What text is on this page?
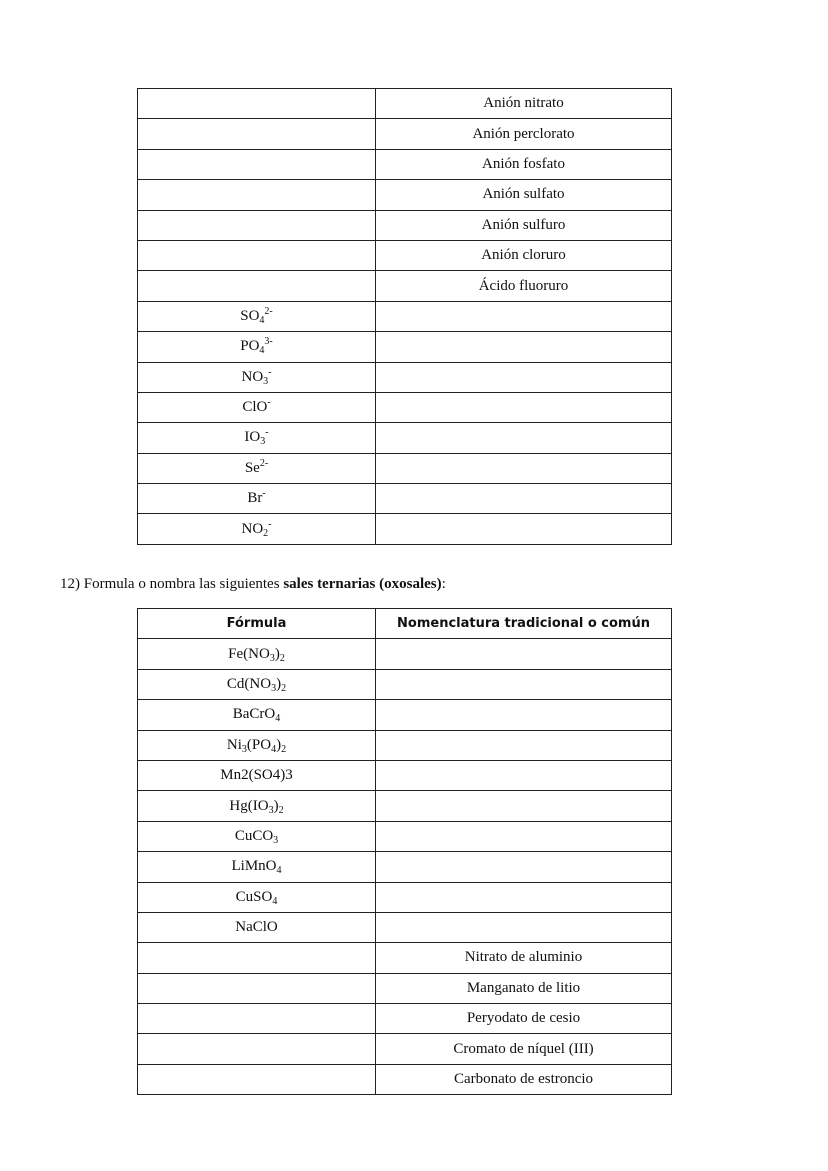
	Anión nitrato
	Anión perclorato
	Anión fosfato
	Anión sulfato
	Anión sulfuro
	Anión cloruro
	Ácido fluoruro
$SO_4^{2-}$	
$PO_4^{3-}$	
$NO_3^-$	
ClO-	
$IO_3^-$	
$Se^{2-}$	
Br-	
$NO_2^-$	
12) Formula o nombra las siguientes sales ternarias (oxosales):
Fórmula	Nomenclatura tradicional o común
$Fe(NO_3)_2$	
$Cd(NO_3)_2$	
BaCrO$_4$	
$Ni_3(PO_4)_2$	
Mn2(SO4)3	
$Hg(IO_3)_2$	
CuCO$_3$	
LiMnO$_4$	
CuSO$_4$	
NaClO	
	Nitrato de aluminio
	Manganato de litio
	Peryodato de cesio
	Cromato de níquel (III)
	Carbonato de estroncio
